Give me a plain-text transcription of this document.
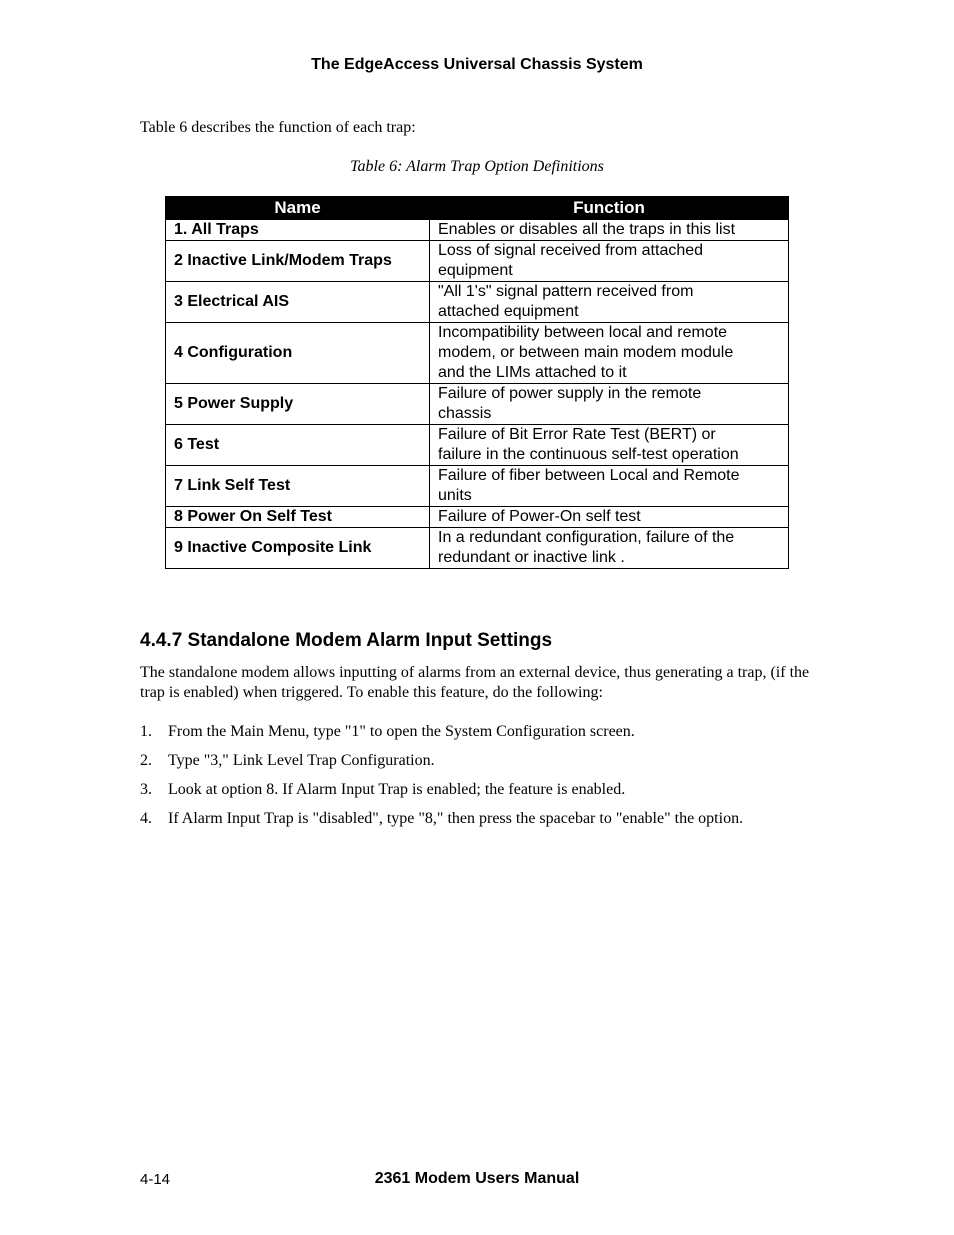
The EdgeAccess Universal Chassis System
Table 6 describes the function of each trap:
Table 6: Alarm Trap Option Definitions
Name	Function
1. All Traps	Enables or disables all the traps in this list
2 Inactive Link/Modem Traps	Loss of signal received from attached
equipment
3 Electrical AIS	"All 1's" signal pattern received from
attached equipment
4 Configuration	Incompatibility between local and remote
modem, or between main modem module
and the LIMs attached to it
5 Power Supply	Failure of power supply in the remote
chassis
6 Test	Failure of Bit Error Rate Test (BERT) or
failure in the continuous self-test operation
7 Link Self Test	Failure of fiber between Local and Remote
units
8 Power On Self Test	Failure of Power-On self test
9 Inactive Composite Link	In a redundant configuration, failure of the
redundant or inactive link .
4.4.7 Standalone Modem Alarm Input Settings
The standalone modem allows inputting of alarms from an external device, thus generating a trap, (if the trap is enabled) when triggered. To enable this feature, do the following:
1.	From the Main Menu, type "1" to open the System Configuration screen.
2.	Type "3," Link Level Trap Configuration.
3.	Look at option 8. If Alarm Input Trap is enabled; the feature is enabled.
4.	If Alarm Input Trap is "disabled", type "8," then press the spacebar to "enable" the option.
4-14	2361 Modem Users Manual
